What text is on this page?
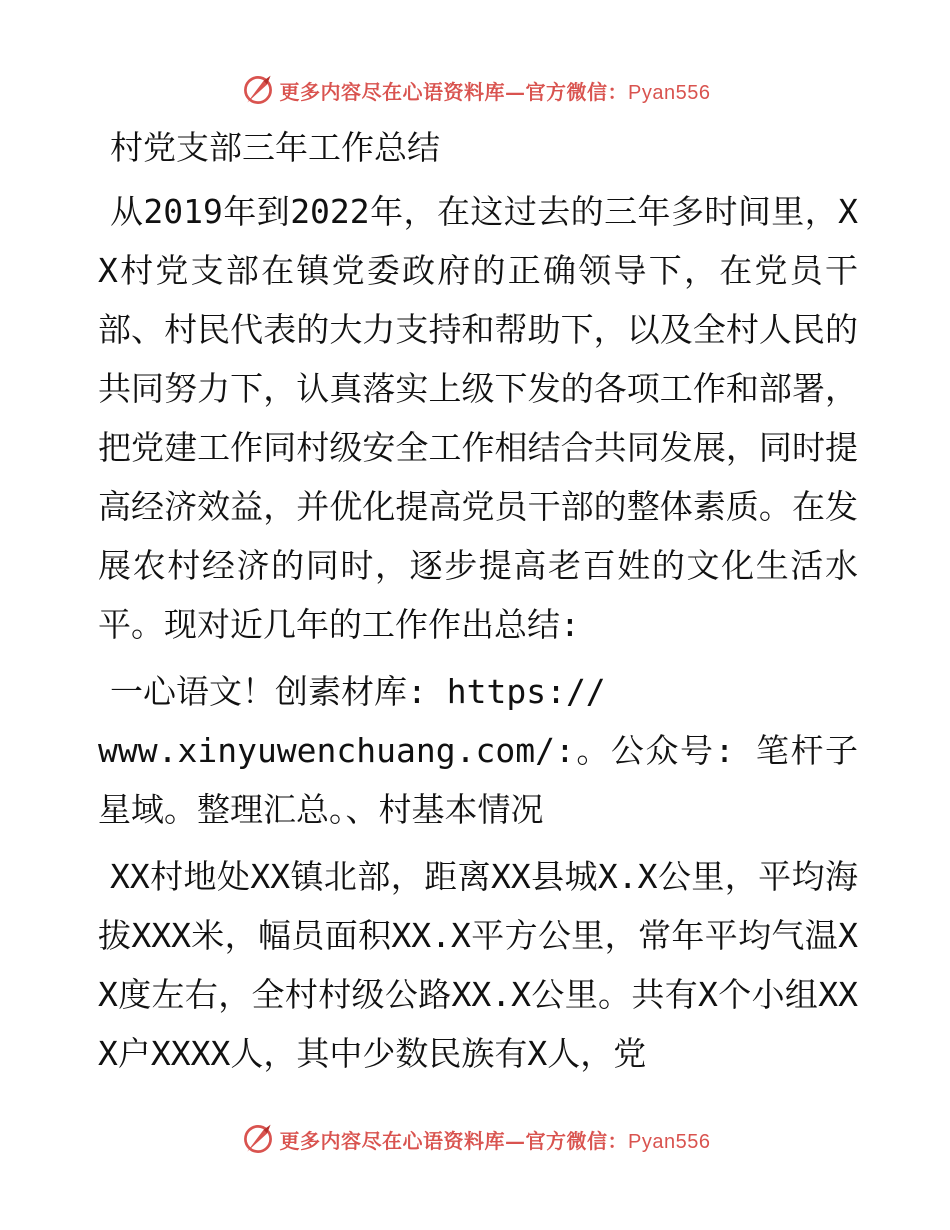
更多内容尽在心语资料库—官方微信：Pyan556
村党支部三年工作总结

从2019年到2022年，在这过去的三年多时间里，XX村党支部在镇党委政府的正确领导下，在党员干部、村民代表的大力支持和帮助下，以及全村人民的共同努力下，认真落实上级下发的各项工作和部署，把党建工作同村级安全工作相结合共同发展，同时提高经济效益，并优化提高党员干部的整体素质。在发展农村经济的同时，逐步提高老百姓的文化生活水平。现对近几年的工作作出总结:

一心语文！创素材库: https://

www.xinyuwenchuang.com/:。公众号: 笔杆子星域。整理汇总。、村基本情况

XX村地处XX镇北部，距离XX县城X.X公里，平均海拔XXX米，幅员面积XX.X平方公里，常年平均气温XX度左右，全村村级公路XX.X公里。共有X个小组XXX户XXXX人，其中少数民族有X人，党

更多内容尽在心语资料库—官方微信：Pyan556
